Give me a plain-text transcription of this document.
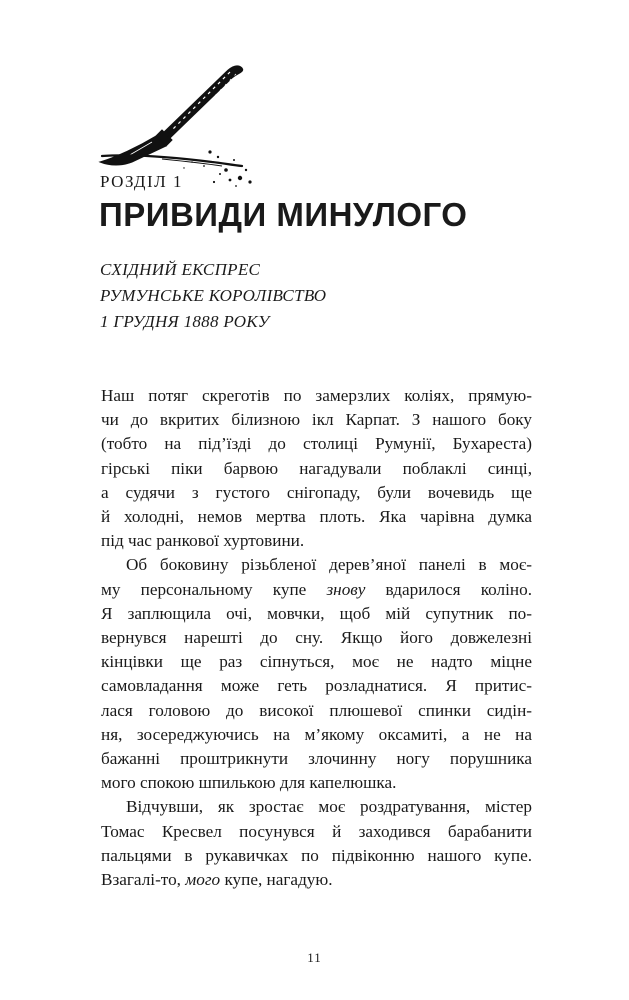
РОЗДІЛ 1
ПРИВИДИ МИНУЛОГО
СХІДНИЙ ЕКСПРЕС
РУМУНСЬКЕ КОРОЛІВСТВО
1 ГРУДНЯ 1888 РОКУ
Наш потяг скреготів по замерзлих коліях, прямую-
чи до вкритих білизною ікл Карпат. З нашого боку
(тобто на під’їзді до столиці Румунії, Бухареста)
гірські піки барвою нагадували поблаклі синці,
а судячи з густого снігопаду, були вочевидь ще
й холодні, немов мертва плоть. Яка чарівна думка
під час ранкової хуртовини.
Об боковину різьбленої дерев’яної панелі в моє-
му персональному купе знову вдарилося коліно.
Я заплющила очі, мовчки, щоб мій супутник по-
вернувся нарешті до сну. Якщо його довжелезні
кінцівки ще раз сіпнуться, моє не надто міцне
самовладання може геть розладнатися. Я притис-
лася головою до високої плюшевої спинки сидін-
ня, зосереджуючись на м’якому оксамиті, а не на
бажанні проштрикнути злочинну ногу порушника
мого спокою шпилькою для капелюшка.
Відчувши, як зростає моє роздратування, містер
Томас Кресвел посунувся й заходився барабанити
пальцями в рукавичках по підвіконню нашого купе.
Взагалі-то, мого купе, нагадую.
11
